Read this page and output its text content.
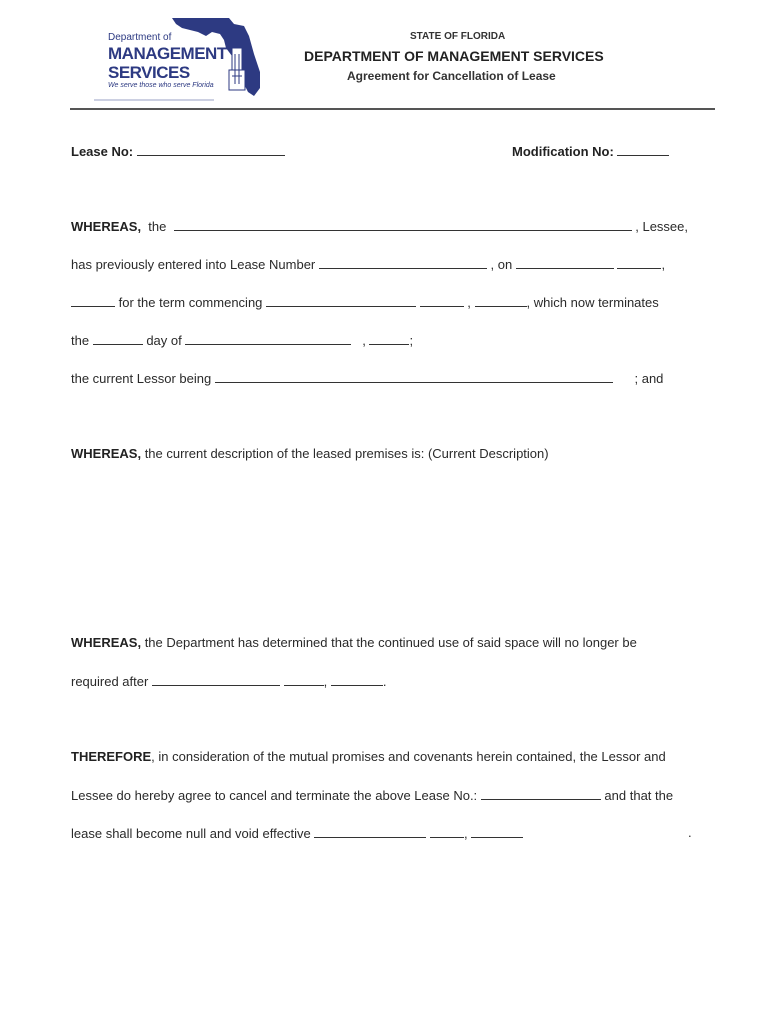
Department of
MANAGEMENT
SERVICES
We serve those who serve Florida
STATE OF FLORIDA
DEPARTMENT OF MANAGEMENT SERVICES
Agreement for Cancellation of Lease
Lease No:	Modification No:
WHEREAS, the	, Lessee,
has previously entered into Lease Number	, on	,
for the term commencing	,	, which now terminates
the	day of	,	;
the current Lessor being	; and
WHEREAS, the current description of the leased premises is: (Current Description)
WHEREAS, the Department has determined that the continued use of said space will no longer be
required after	,	.
THEREFORE, in consideration of the mutual promises and covenants herein contained, the Lessor and
Lessee do hereby agree to cancel and terminate the above Lease No.:	and that the
lease shall become null and void effective	,	.
